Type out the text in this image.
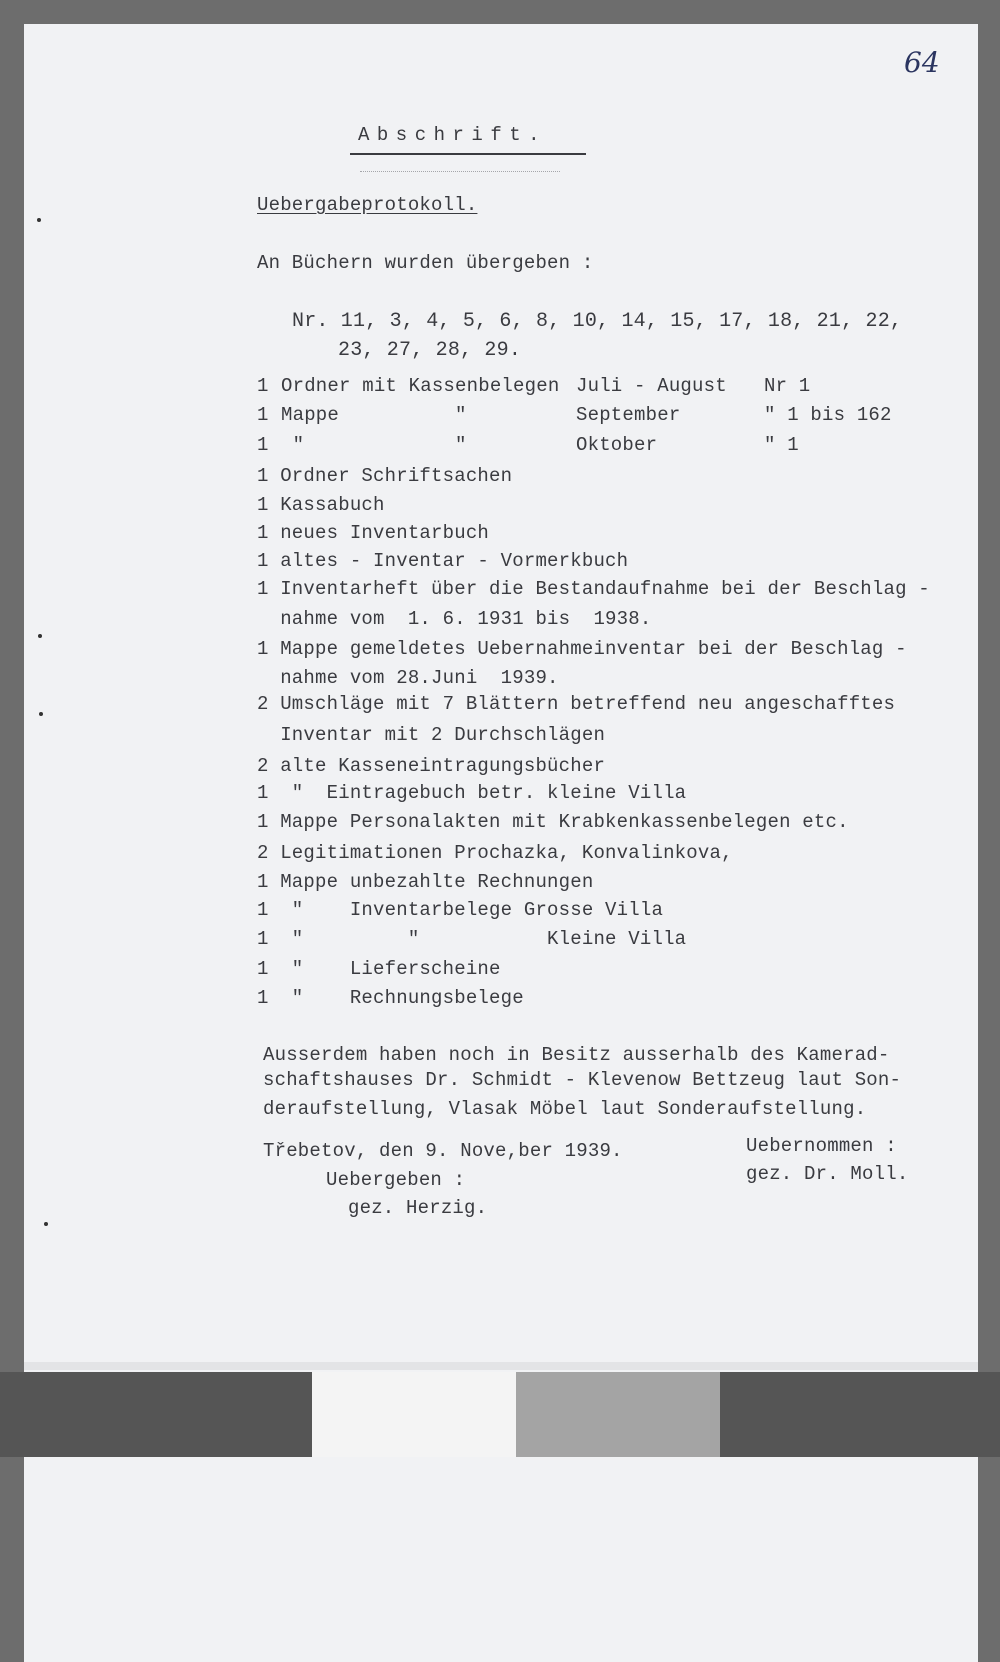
64
Abschrift.
Uebergabeprotokoll.
An Büchern wurden übergeben :
Nr. 11, 3, 4, 5, 6, 8, 10, 14, 15, 17, 18, 21, 22,
23, 27, 28, 29.
1 Ordner mit Kassenbelegen Juli - August Nr 1
1 Mappe          "	September	" 1 bis 162
1 "             "	Oktober	" 1
1 Ordner Schriftsachen
1 Kassabuch
1 neues Inventarbuch
1 altes - Inventar - Vormerkbuch
1 Inventarheft über die Bestandaufnahme bei der Beschlag -
nahme vom  1. 6. 1931 bis  1938.
1 Mappe gemeldetes Uebernahmeinventar bei der Beschlag -
nahme vom 28.Juni  1939.
2 Umschläge mit 7 Blättern betreffend neu angeschafftes
Inventar mit 2 Durchschlägen
2 alte Kasseneintragungsbücher
1  "  Eintragebuch betr. kleine Villa
1 Mappe Personalakten mit Krabkenkassenbelegen etc.
2 Legitimationen Prochazka, Konvalinkova,
1 Mappe unbezahlte Rechnungen
1  "    Inventarbelege Grosse Villa
1  "         "           Kleine Villa
1  "    Lieferscheine
1  "    Rechnungsbelege
Ausserdem haben noch in Besitz ausserhalb des Kamerad-
schaftshauses Dr. Schmidt - Klevenow Bettzeug laut Son-
deraufstellung, Vlasak Möbel laut Sonderaufstellung.
Třebetov, den 9. Nove,ber 1939.
Uebergeben :
gez. Herzig.
Uebernommen :
gez. Dr. Moll.
